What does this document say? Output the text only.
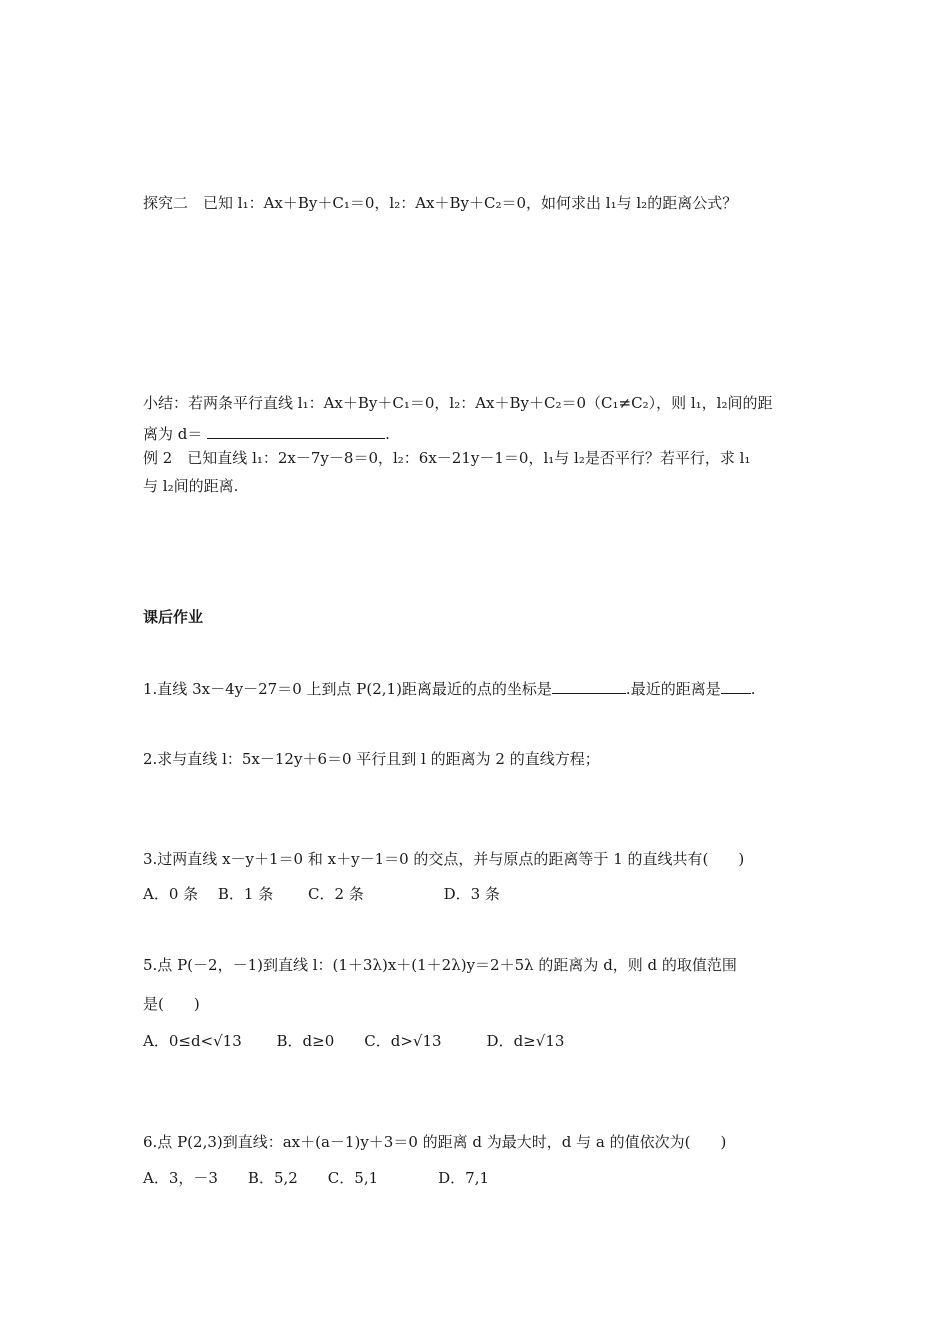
探究二　已知 l₁：Ax＋By＋C₁＝0，l₂：Ax＋By＋C₂＝0，如何求出 l₁与 l₂的距离公式？
小结：若两条平行直线 l₁：Ax＋By＋C₁＝0，l₂：Ax＋By＋C₂＝0（C₁≠C₂），则 l₁，l₂间的距
离为 d＝	.
例 2　已知直线 l₁：2x－7y－8＝0，l₂：6x－21y－1＝0，l₁与 l₂是否平行？若平行，求 l₁
与 l₂间的距离.
课后作业
1.直线 3x－4y－27＝0 上到点 P(2,1)距离最近的点的坐标是	.最近的距离是 .
2.求与直线 l：5x－12y＋6＝0 平行且到 l 的距离为 2 的直线方程；
3.过两直线 x－y＋1＝0 和 x＋y－1＝0 的交点，并与原点的距离等于 1 的直线共有(　　)
A．0 条　 B．1 条　　 C．2 条　　　　　 D．3 条
5.点 P(－2，－1)到直线 l：(1＋3λ)x＋(1＋2λ)y＝2＋5λ 的距离为 d，则 d 的取值范围
是(　　)
A．0≤d<√13　　 B．d≥0　　C．d>√13　　　D．d≥√13
6.点 P(2,3)到直线：ax＋(a－1)y＋3＝0 的距离 d 为最大时，d 与 a 的值依次为(　　)
A．3，－3　　B．5,2　　C．5,1　　　　D．7,1
